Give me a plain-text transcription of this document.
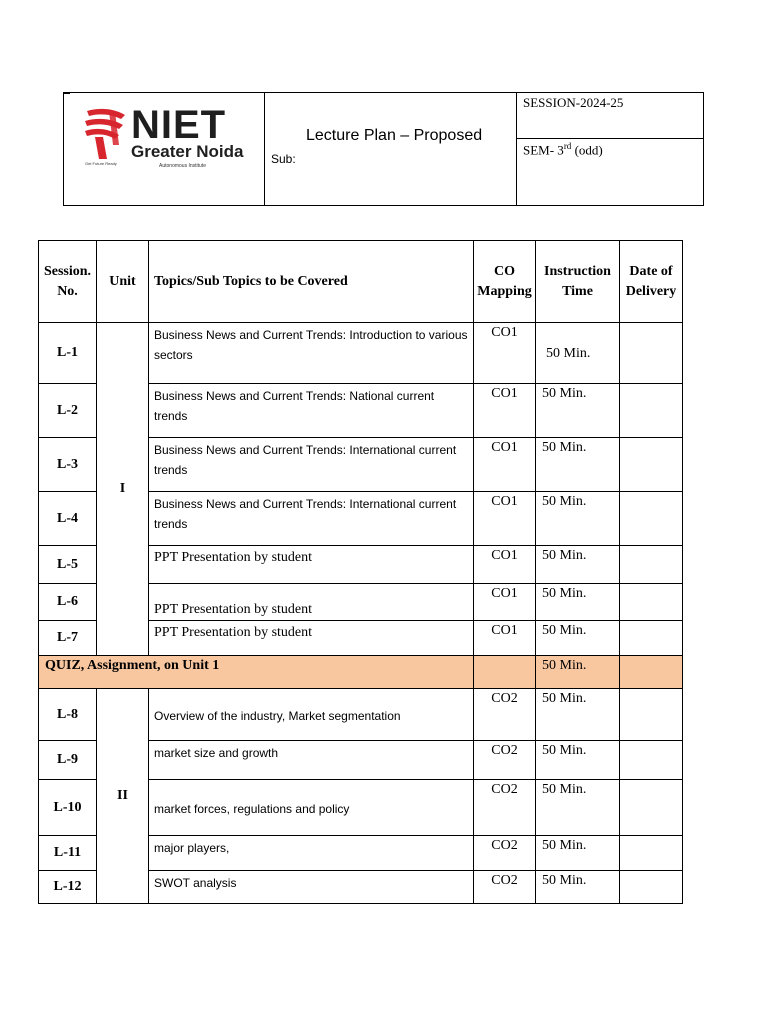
NIET
Greater Noida
Autonomous Institute
Get Future Ready
Lecture Plan – Proposed
Sub:
SESSION-2024-25
SEM- 3rd (odd)
Session. No.	Unit	Topics/Sub Topics to be Covered	CO Mapping	Instruction Time	Date of Delivery
L-1	I	Business News and Current Trends: Introduction to various sectors	CO1	50 Min.	
L-2		Business News and Current Trends: National current trends	CO1	50 Min.	
L-3		Business News and Current Trends: International current trends	CO1	50 Min.	
L-4		Business News and Current Trends: International current trends	CO1	50 Min.	
L-5		PPT Presentation by student	CO1	50 Min.	
L-6		PPT Presentation by student	CO1	50 Min.	
L-7		PPT Presentation by student	CO1	50 Min.	
QUIZ, Assignment, on Unit 1				50 Min.	
L-8	II	Overview of the industry, Market segmentation	CO2	50 Min.	
L-9		market size and growth	CO2	50 Min.	
L-10		market forces, regulations and policy	CO2	50 Min.	
L-11		major players,	CO2	50 Min.	
L-12		SWOT analysis	CO2	50 Min.	
